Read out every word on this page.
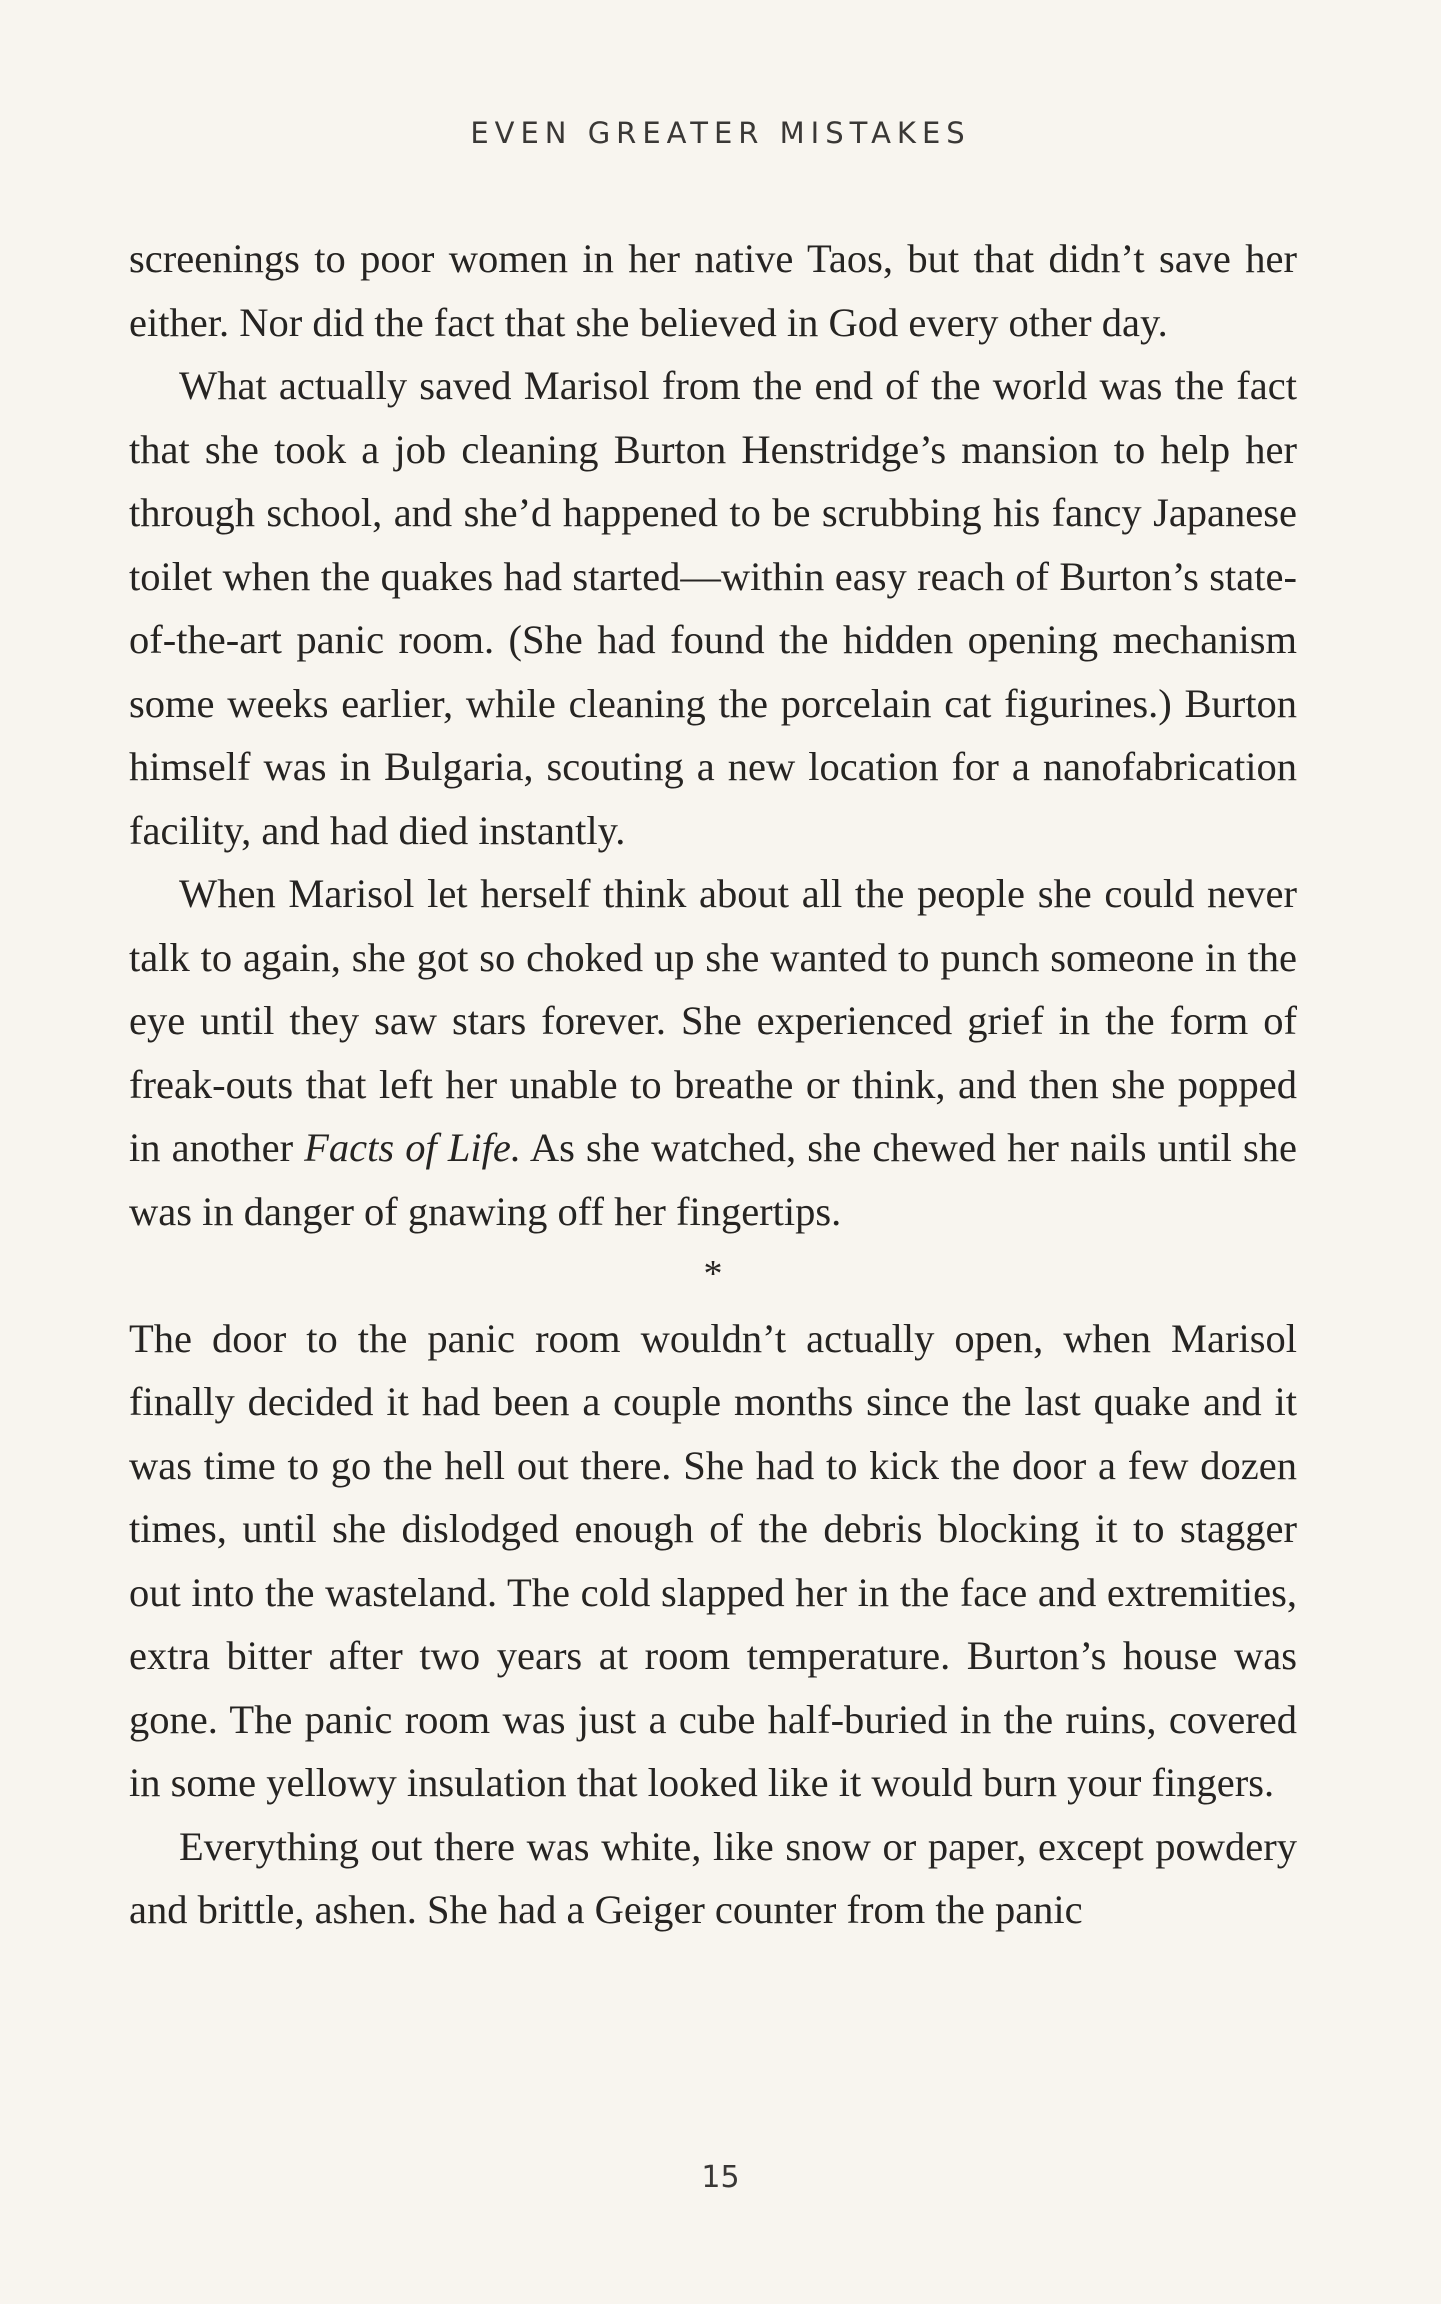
EVEN GREATER MISTAKES

screenings to poor women in her native Taos, but that didn’t save her either. Nor did the fact that she believed in God every other day.

What actually saved Marisol from the end of the world was the fact that she took a job cleaning Burton Henstridge’s mansion to help her through school, and she’d happened to be scrubbing his fancy Japanese toilet when the quakes had started—within easy reach of Burton’s state-of-the-art panic room. (She had found the hidden opening mechanism some weeks earlier, while cleaning the porcelain cat figurines.) Burton himself was in Bulgaria, scouting a new location for a nanofabrication facility, and had died instantly.

When Marisol let herself think about all the people she could never talk to again, she got so choked up she wanted to punch someone in the eye until they saw stars forever. She experienced grief in the form of freak-outs that left her unable to breathe or think, and then she popped in another Facts of Life. As she watched, she chewed her nails until she was in danger of gnawing off her fingertips.

*

The door to the panic room wouldn’t actually open, when Marisol finally decided it had been a couple months since the last quake and it was time to go the hell out there. She had to kick the door a few dozen times, until she dislodged enough of the debris blocking it to stagger out into the wasteland. The cold slapped her in the face and extremities, extra bitter after two years at room temperature. Burton’s house was gone. The panic room was just a cube half-buried in the ruins, covered in some yellowy insulation that looked like it would burn your fingers.

Everything out there was white, like snow or paper, except powdery and brittle, ashen. She had a Geiger counter from the panic

15
